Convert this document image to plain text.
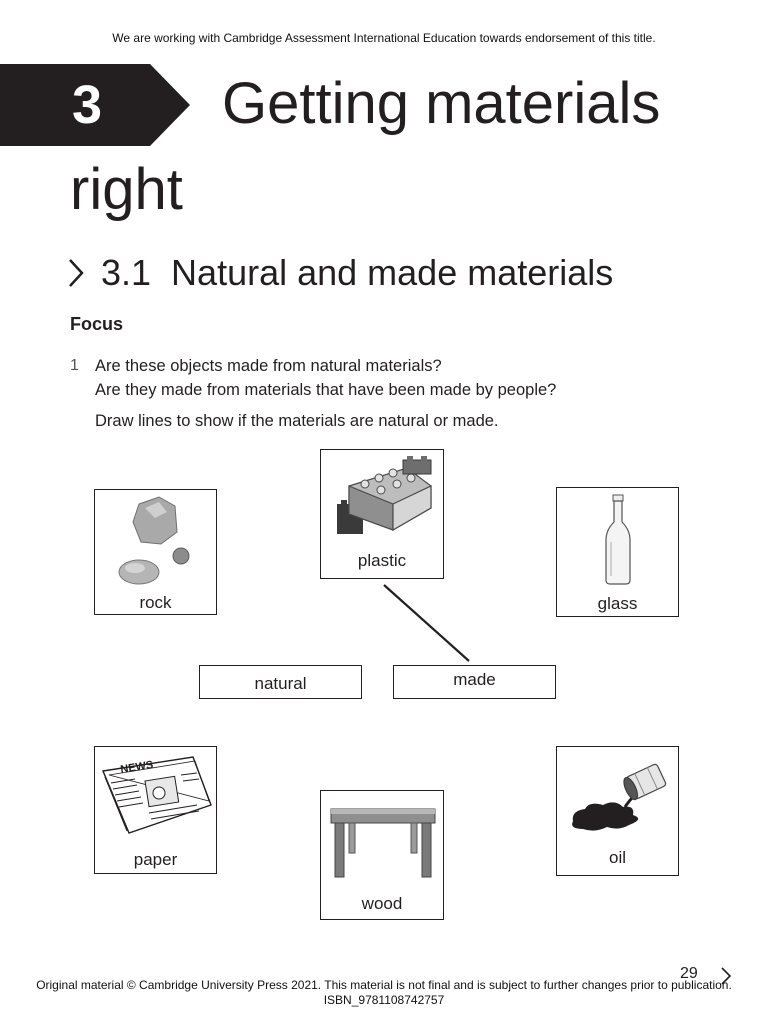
We are working with Cambridge Assessment International Education towards endorsement of this title.
3 Getting materials
right
3.1 Natural and made materials
Focus
1 Are these objects made from natural materials?
Are they made from materials that have been made by people?
Draw lines to show if the materials are natural or made.
rock
plastic
glass
natural	made
NEWS
paper
wood
oil
29
Original material © Cambridge University Press 2021. This material is not final and is subject to further changes prior to publication.
ISBN_9781108742757
